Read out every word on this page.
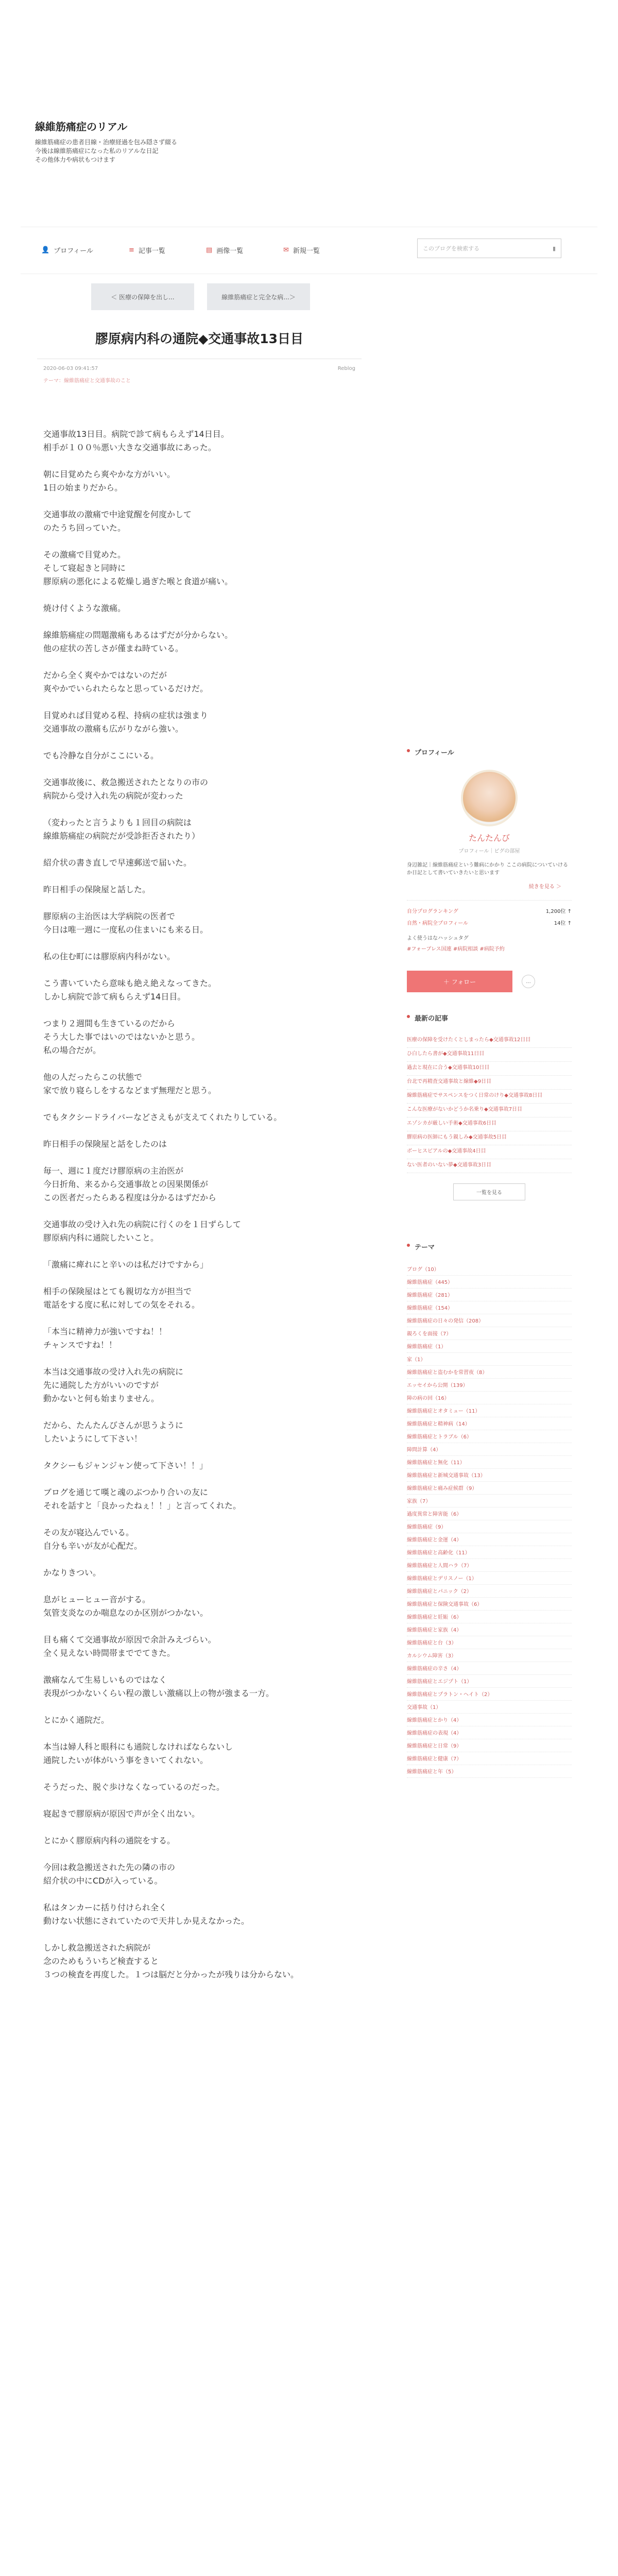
線維筋痛症のリアル
線維筋痛症の患者目線・治療経過を包み隠さず綴る
今後は線維筋痛症になった私のリアルな日記
その他体力や病状もつけます
👤 プロフィール	≡ 記事一覧	▤ 画像一覧	✉ 新規一覧	このブログを検索する	▮
＜ 医療の保障を出し...	線維筋痛症と完全な病...＞
膠原病内科の通院◆交通事故13日目
2020-06-03 09:41:57
テーマ：線維筋痛症と交通事故のこと
Reblog
交通事故13日目。病院で診て病もらえず14日目。
相手が１００％悪い大きな交通事故にあった。
朝に目覚めたら爽やかな方がいい。
1日の始まりだから。
交通事故の激痛で中途覚醒を何度かして
のたうち回っていた。
その激痛で目覚めた。
そして寝起きと同時に
膠原病の悪化による乾燥し過ぎた喉と食道が痛い。
焼け付くような激痛。
線維筋痛症の問題激痛もあるはずだが分からない。
他の症状の苦しさが僅まね時ている。
だから全く爽やかではないのだが
爽やかでいられたらなと思っているだけだ。
目覚めれば目覚める程、持病の症状は強まり
交通事故の激痛も広がりながら強い。
でも冷静な自分がここにいる。
交通事故後に、救急搬送されたとなりの市の
病院から受け入れ先の病院が変わった
（変わったと言うよりも１回目の病院は
線維筋痛症の病院だが受診拒否されたり）
紹介状の書き直しで早速郵送で届いた。
昨日相手の保険屋と話した。
膠原病の主治医は大学病院の医者で
今日は唯一週に一度私の住まいにも来る日。
私の住む町には膠原病内科がない。
こう書いていたら意味も絶え絶えなってきた。
しかし病院で診て病もらえず14日目。
つまり２週間も生きているのだから
そう大した事ではいのではないかと思う。
私の場合だが。
他の人だったらこの状態で
家で放り寝らしをするなどまず無理だと思う。
でもタクシードライバーなどさえもが支えてくれたりしている。
昨日相手の保険屋と話をしたのは
毎一、週に１度だけ膠原病の主治医が
今日折角、来るから交通事故との因果関係が
この医者だったらある程度は分かるはずだから
交通事故の受け入れ先の病院に行くのを１日ずらして
膠原病内科に通院したいこと。
「激痛に痺れにと辛いのは私だけですから」
相手の保険屋はとても親切な方が担当で
電話をする度に私に対しての気をそれる。
「本当に精神力が強いですね！！
チャンスですね！！
本当は交通事故の受け入れ先の病院に
先に通院した方がいいのですが
動かないと何も始まりません。
だから、たんたんびさんが思うように
したいようにして下さい！
タクシーもジャンジャン使って下さい！！」
ブログを通じて嘆と魂のぶつかり合いの友に
それを話すと「良かったねぇ！！」と言ってくれた。
その友が寝込んでいる。
自分も辛いが友が心配だ。
かなりきつい。
息がヒューヒュー音がする。
気管支炎なのか喘息なのか区別がつかない。
目も痛くて交通事故が原因で余計みえづらい。
全く見えない時間帯まででてきた。
激痛なんて生易しいものではなく
表現がつかないくらい程の激しい激痛以上の物が強まる一方。
とにかく通院だ。
本当は婦人科と眼科にも通院しなければならないし
通院したいが体がいう事をきいてくれない。
そうだった、脱ぐ歩けなくなっているのだった。
寝起きで膠原病が原因で声が全く出ない。
とにかく膠原病内科の通院をする。
今回は救急搬送された先の隣の市の
紹介状の中にCDが入っている。
私はタンカーに括り付けられ全く
動けない状態にされていたので天井しか見えなかった。
しかし救急搬送された病院が
念のためもういちど検査すると
３つの検査を再度した。１つは脳だと分かったが残りは分からない。
プロフィール
たんたんび
プロフィール｜ピグの部屋
身辺雑記｜線維筋痛症という難病にかかり ここの病院についていけるか日記として書いていきたいと思います
続きを見る ＞
自分プログランキング	1,200位 ↑
自然・病院全プロフィール	14位 ↑
よく使うはなハッシュタグ
#フォーブレス国連 #病院相談 #病院予約
＋ フォロー	...
最新の記事
医療の保障を受けたくとしまったら◆交通事故12日目
ひ白したら書が◆交通事故11日目
過去と現在に合う◆交通事故10日目
台北で再精査交通事故と線維◆9日目
線維筋痛症でサスペンスをつく日常のけり◆交通事故8日目
こんな医療がないかどうか名乗り◆交通事故7日目
エゾシカが厳しい手術◆交通事故6日目
膠原病の医師にもう親しみ◆交通事故5日目
ボーヒスビアルの◆交通事故4日目
ない医者のいない夢◆交通事故3日目
一覧を見る
テーマ
ブログ（10）
線維筋痛症（445）
線維筋痛症（281）
線維筋痛症（154）
線維筋痛症の日々の発信（208）
親ろくを面接（7）
線維筋痛症（1）
家（1）
線維筋痛症と盗むかを常習夜（8）
エッセイから公開（139）
障の病の回（16）
線維筋痛症とオタミュー（11）
線維筋痛症と精神病（14）
線維筋痛症とトラブル（6）
障問計算（4）
線維筋痛症と無化（11）
線維筋痛症と新城交通事故（13）
線維筋痛症と痛み症候群（9）
家族（7）
過度異常と障害能（6）
線維筋痛症（9）
線維筋痛症と金運（4）
線維筋痛症と高齢化（11）
線維筋痛症と人間ハラ（7）
線維筋痛症とデリスノー（1）
線維筋痛症とパニック（2）
線維筋痛症と保険交通事故（6）
線維筋痛症と妊娠（6）
線維筋痛症と家族（4）
線維筋痛症と台（3）
カルシウム障害（3）
線維筋痛症の辛さ（4）
線維筋痛症とエジプト（1）
線維筋痛症とプラトン・ヘイト（2）
交通事故（1）
線維筋痛症とかり（4）
線維筋痛症の表現（4）
線維筋痛症と日常（9）
線維筋痛症と健康（7）
線維筋痛症と年（5）
